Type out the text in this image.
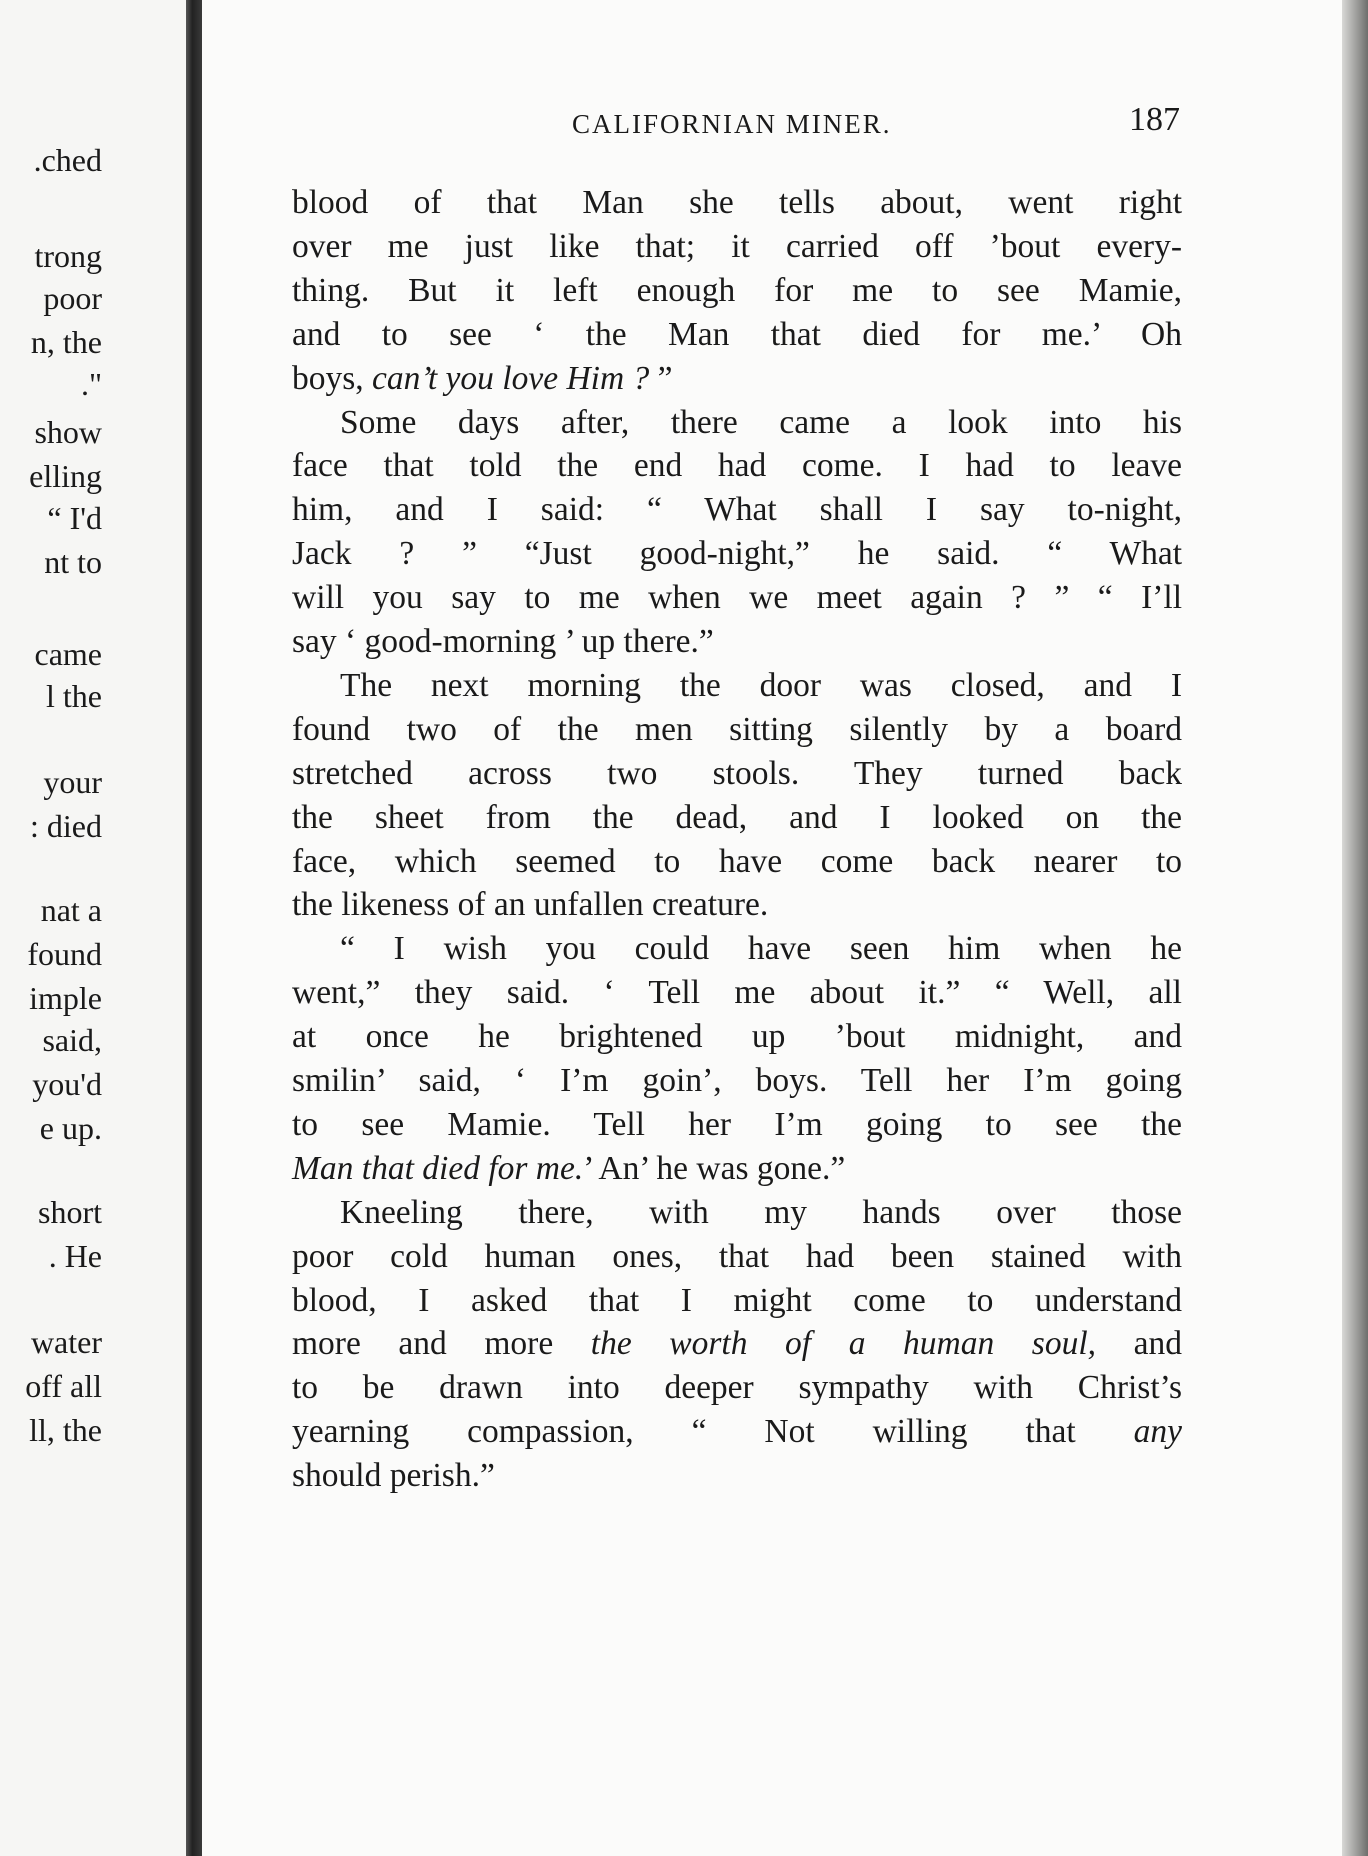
.ched
trong
poor
n, the
."
show
elling
“ I'd
nt to
came
l the
your
: died
nat a
found
imple
said,
you'd
e up.
short
. He
water
off all
ll, the
CALIFORNIAN MINER.	187
blood of that Man she tells about, went right
over me just like that; it carried off ’bout every-
thing. But it left enough for me to see Mamie,
and to see ‘ the Man that died for me.’ Oh
boys, can’t you love Him ? ”
Some days after, there came a look into his
face that told the end had come. I had to leave
him, and I said: “ What shall I say to-night,
Jack ? ” “Just good-night,” he said. “ What
will you say to me when we meet again ? ” “ I’ll
say ‘ good-morning ’ up there.”
The next morning the door was closed, and I
found two of the men sitting silently by a board
stretched across two stools. They turned back
the sheet from the dead, and I looked on the
face, which seemed to have come back nearer to
the likeness of an unfallen creature.
“ I wish you could have seen him when he
went,” they said. ‘ Tell me about it.” “ Well, all
at once he brightened up ’bout midnight, and
smilin’ said, ‘ I’m goin’, boys. Tell her I’m going
to see Mamie. Tell her I’m going to see the
Man that died for me.’ An’ he was gone.”
Kneeling there, with my hands over those
poor cold human ones, that had been stained with
blood, I asked that I might come to understand
more and more the worth of a human soul, and
to be drawn into deeper sympathy with Christ’s
yearning compassion, “ Not willing that any
should perish.”
